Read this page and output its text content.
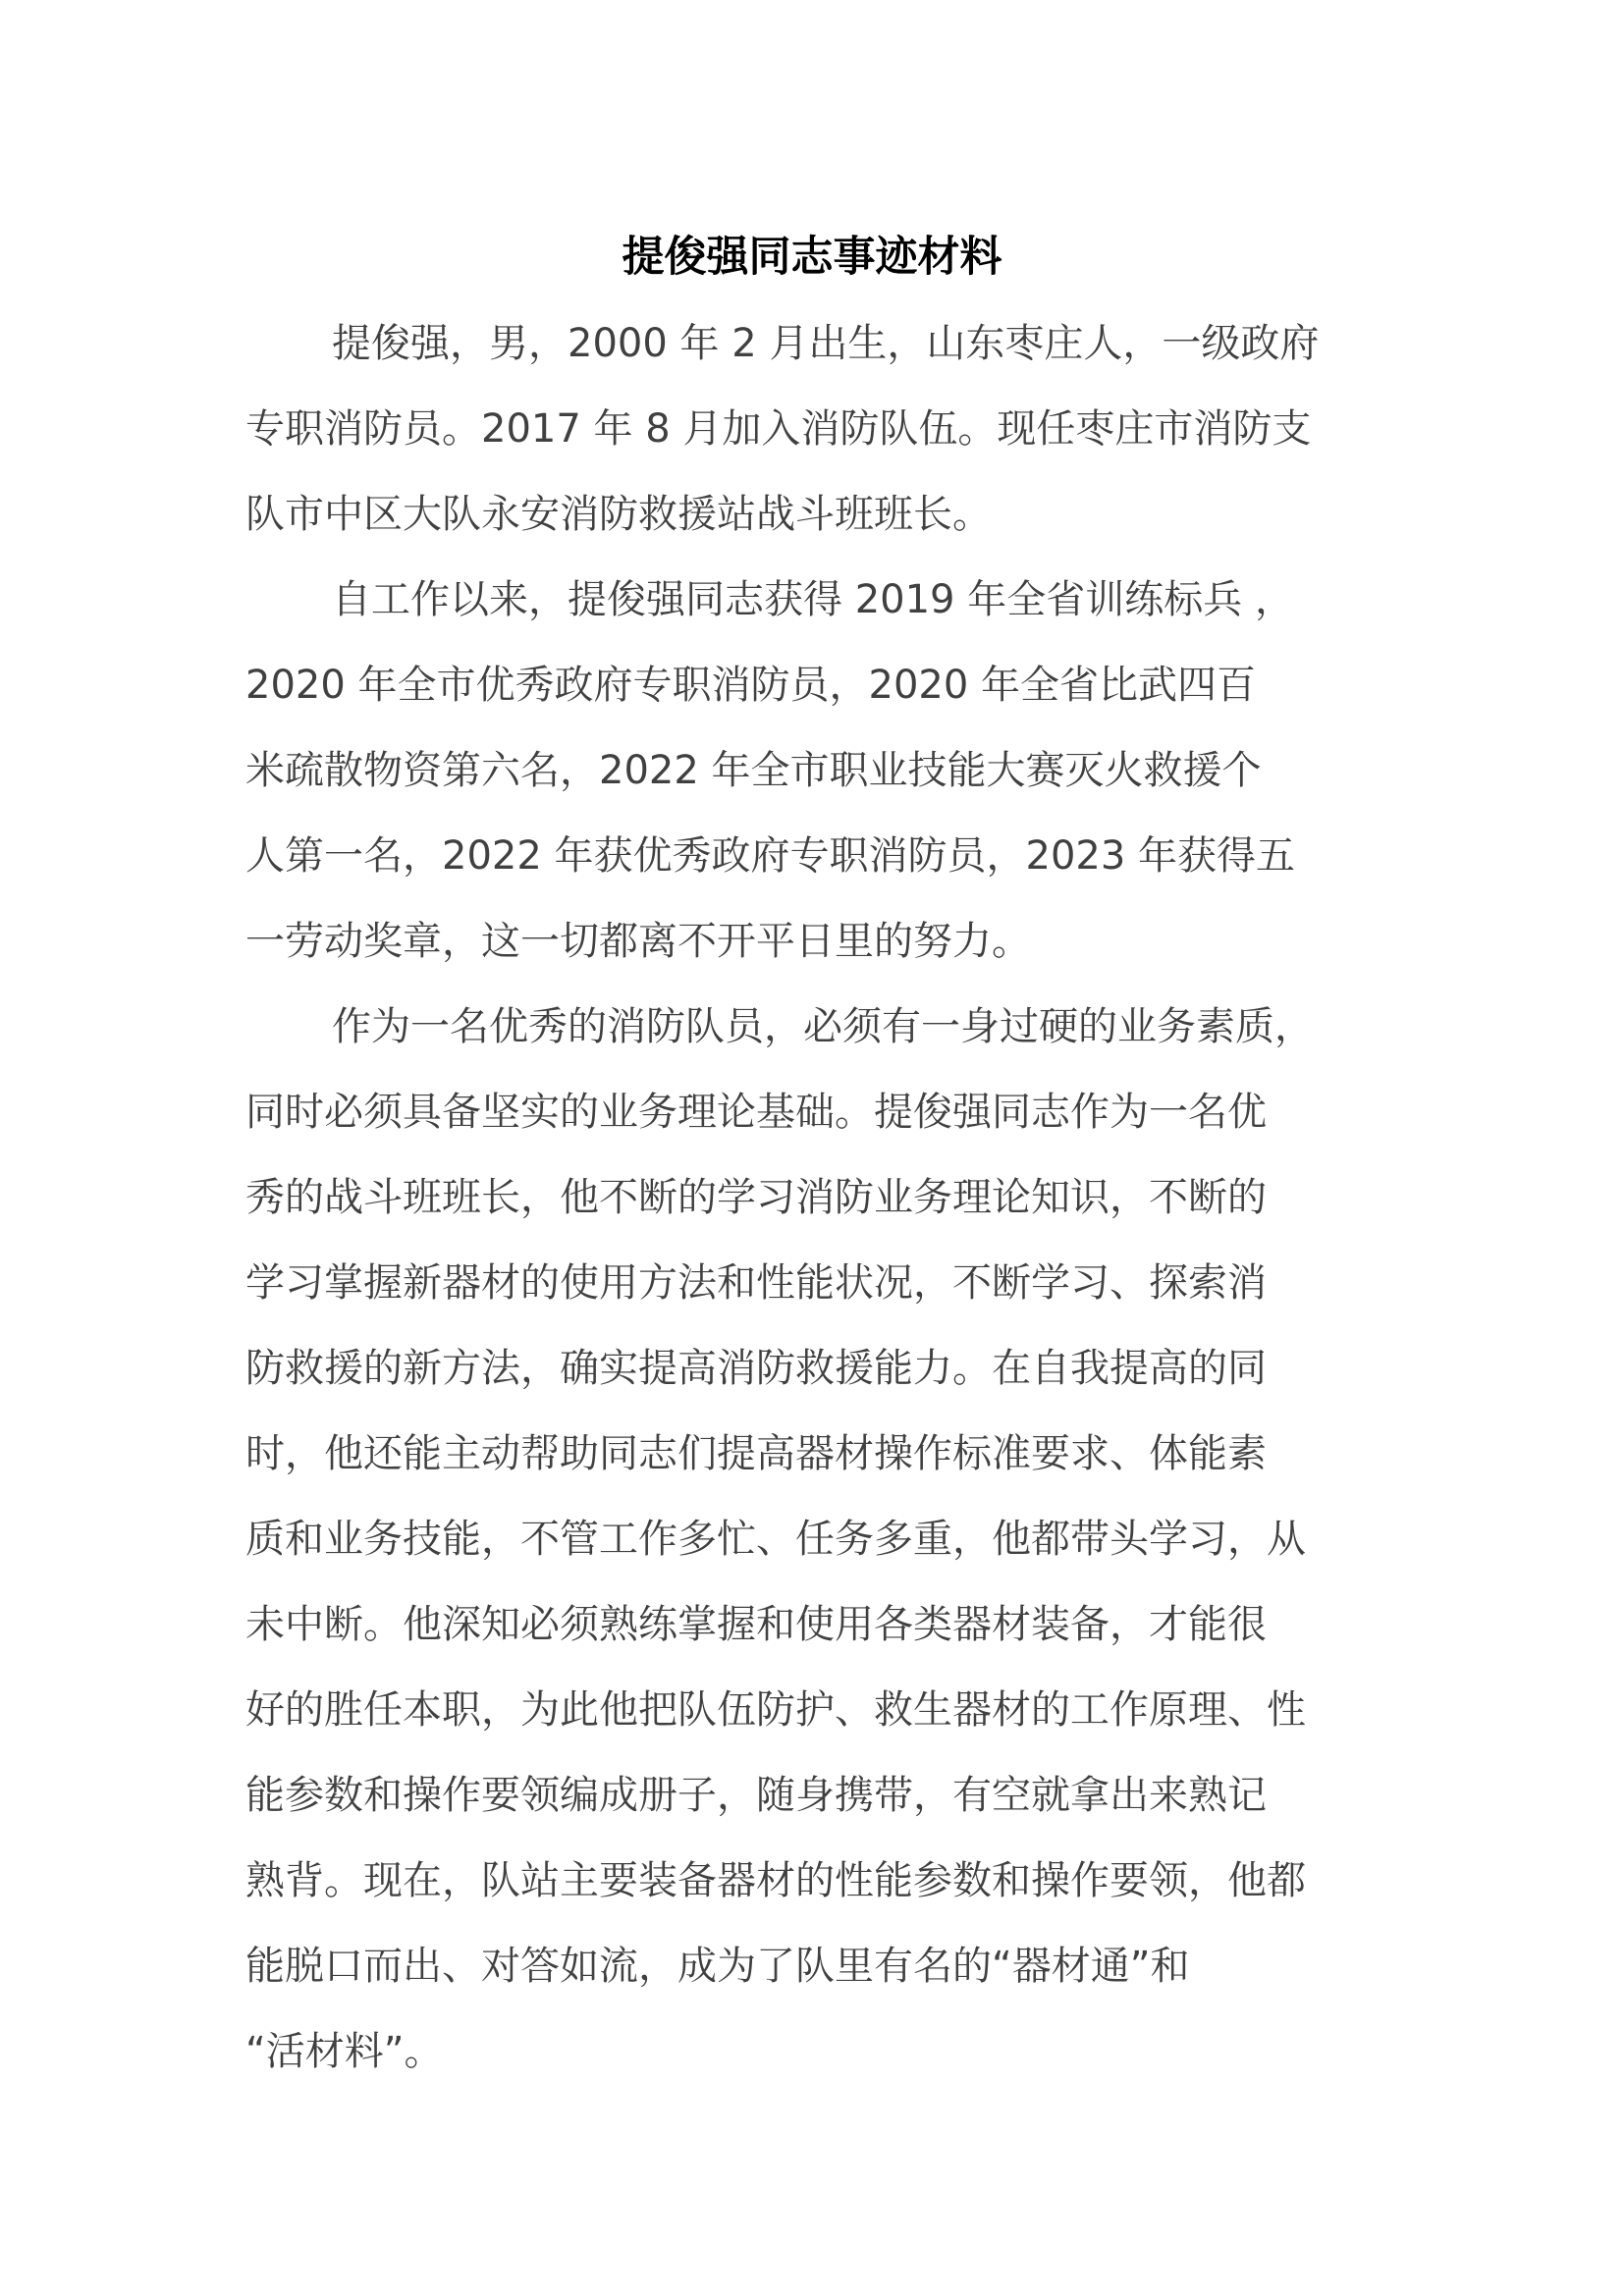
提俊强同志事迹材料
提俊强，男，2000 年 2 月出生，山东枣庄人，一级政府
专职消防员。2017 年 8 月加入消防队伍。现任枣庄市消防支
队市中区大队永安消防救援站战斗班班长。
自工作以来，提俊强同志获得 2019 年全省训练标兵 ，
2020 年全市优秀政府专职消防员，2020 年全省比武四百
米疏散物资第六名，2022 年全市职业技能大赛灭火救援个
人第一名，2022 年获优秀政府专职消防员，2023 年获得五
一劳动奖章，这一切都离不开平日里的努力。
作为一名优秀的消防队员，必须有一身过硬的业务素质，
同时必须具备坚实的业务理论基础。提俊强同志作为一名优
秀的战斗班班长，他不断的学习消防业务理论知识，不断的
学习掌握新器材的使用方法和性能状况，不断学习、探索消
防救援的新方法，确实提高消防救援能力。在自我提高的同
时，他还能主动帮助同志们提高器材操作标准要求、体能素
质和业务技能，不管工作多忙、任务多重，他都带头学习，从
未中断。他深知必须熟练掌握和使用各类器材装备，才能很
好的胜任本职，为此他把队伍防护、救生器材的工作原理、性
能参数和操作要领编成册子，随身携带，有空就拿出来熟记
熟背。现在，队站主要装备器材的性能参数和操作要领，他都
能脱口而出、对答如流，成为了队里有名的“器材通”和
“活材料”。
